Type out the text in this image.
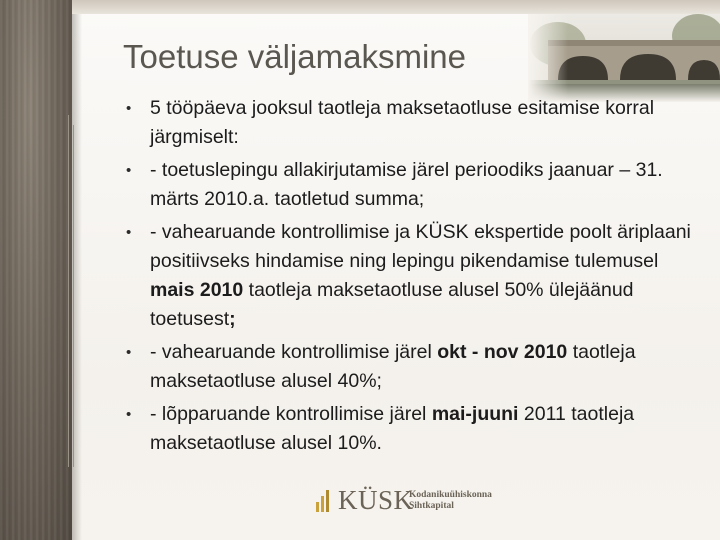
Toetuse väljamaksmine
• 5 tööpäeva jooksul taotleja maksetaotluse esitamise korral järgmiselt:
• - toetuslepingu allakirjutamise järel perioodiks jaanuar – 31. märts 2010.a. taotletud summa;
• - vahearuande kontrollimise ja KÜSK ekspertide poolt äriplaani positiivseks hindamise ning lepingu pikendamise tulemusel mais 2010 taotleja maksetaotluse alusel 50% ülejäänud toetusest;
• - vahearuande kontrollimise järel okt - nov 2010 taotleja maksetaotluse alusel 40%;
• - lõpparuande kontrollimise järel mai-juuni 2011 taotleja maksetaotluse alusel 10%.
KÜSK
Kodanikuühiskonna
Sihtkapital
